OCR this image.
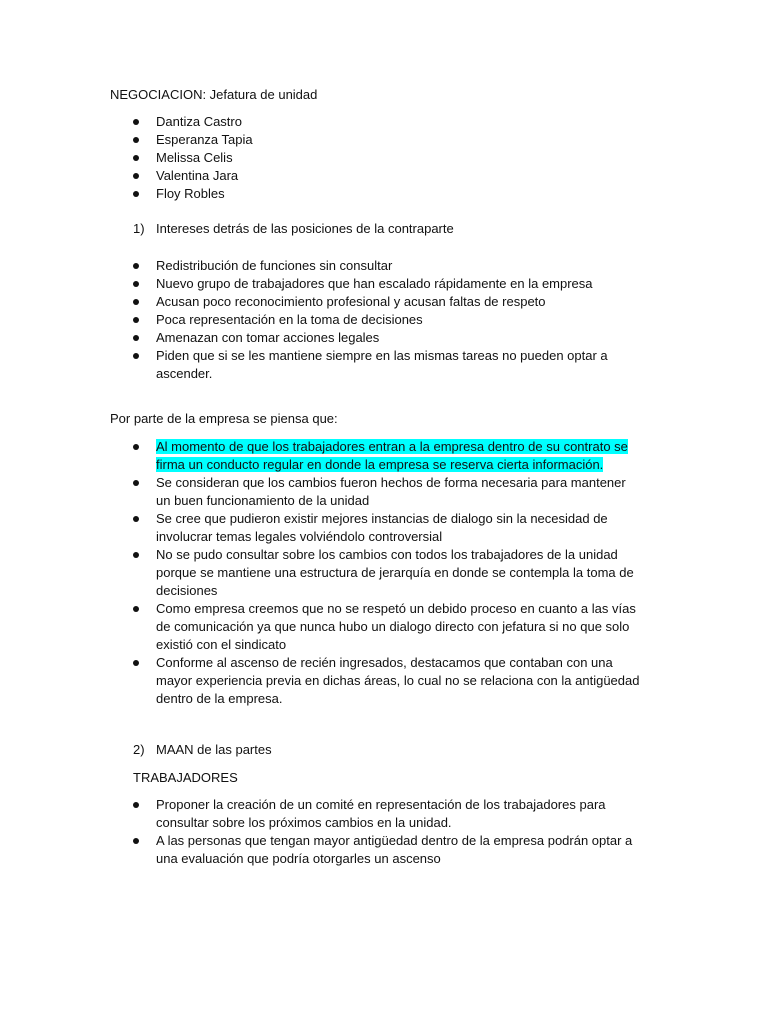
NEGOCIACION: Jefatura de unidad
Dantiza Castro
Esperanza Tapia
Melissa Celis
Valentina Jara
Floy Robles
1) Intereses detrás de las posiciones de la contraparte
Redistribución de funciones sin consultar
Nuevo grupo de trabajadores que han escalado rápidamente en la empresa
Acusan poco reconocimiento profesional y acusan faltas de respeto
Poca representación en la toma de decisiones
Amenazan con tomar acciones legales
Piden que si se les mantiene siempre en las mismas tareas no pueden optar a ascender.
Por parte de la empresa se piensa que:
Al momento de que los trabajadores entran a la empresa dentro de su contrato se firma un conducto regular en donde la empresa se reserva cierta información.
Se consideran que los cambios fueron hechos de forma necesaria para mantener un buen funcionamiento de la unidad
Se cree que pudieron existir mejores instancias de dialogo sin la necesidad de involucrar temas legales volviéndolo controversial
No se pudo consultar sobre los cambios con todos los trabajadores de la unidad porque se mantiene una estructura de jerarquía en donde se contempla la toma de decisiones
Como empresa creemos que no se respetó un debido proceso en cuanto a las vías de comunicación ya que nunca hubo un dialogo directo con jefatura si no que solo existió con el sindicato
Conforme al ascenso de recién ingresados, destacamos que contaban con una mayor experiencia previa en dichas áreas, lo cual no se relaciona con la antigüedad dentro de la empresa.
2) MAAN de las partes
TRABAJADORES
Proponer la creación de un comité en representación de los trabajadores para consultar sobre los próximos cambios en la unidad.
A las personas que tengan mayor antigüedad dentro de la empresa podrán optar a una evaluación que podría otorgarles un ascenso
